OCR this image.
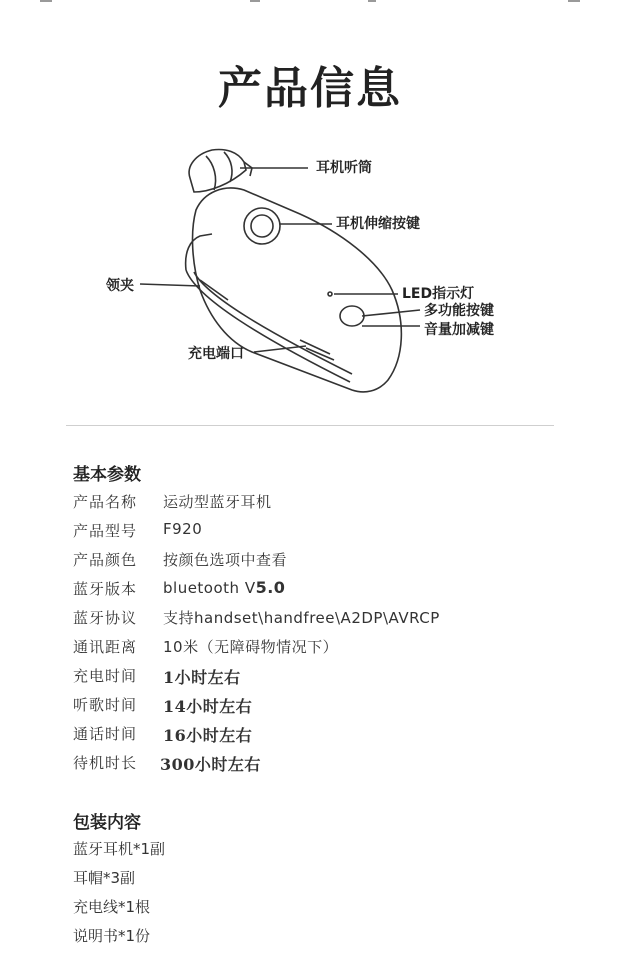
产品信息
耳机听筒
耳机伸缩按键
领夹	LED指示灯
多功能按键
音量加减键
充电端口
基本参数
产品名称 运动型蓝牙耳机
产品型号 F920
产品颜色 按颜色选项中查看
蓝牙版本 bluetooth V5.0
蓝牙协议 支持handset\handfree\A2DP\AVRCP
通讯距离 10米（无障碍物情况下）
充电时间 1小时左右
听歌时间 14小时左右
通话时间 16小时左右
待机时长 300小时左右
包装内容
蓝牙耳机*1副
耳帽*3副
充电线*1根
说明书*1份
